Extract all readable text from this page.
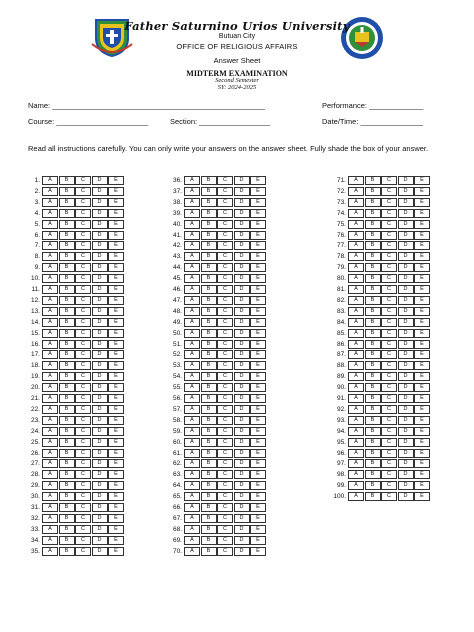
Father Saturnino Urios University
Butuan City
OFFICE OF RELIGIOUS AFFAIRS
Answer Sheet
MIDTERM EXAMINATION
Second Semester
SY: 2024-2025
Name: ___________________________________________________	Performance: _____________
Course: ______________________	Section: _________________	Date/Time: _______________
Read all instructions carefully. You can only write your answers on the answer sheet. Fully shade the box of your answer.
1.	A	B	C	D	E
2.	A	B	C	D	E
3.	A	B	C	D	E
4.	A	B	C	D	E
5.	A	B	C	D	E
6.	A	B	C	D	E
7.	A	B	C	D	E
8.	A	B	C	D	E
9.	A	B	C	D	E
10.	A	B	C	D	E
11.	A	B	C	D	E
12.	A	B	C	D	E
13.	A	B	C	D	E
14.	A	B	C	D	E
15.	A	B	C	D	E
16.	A	B	C	D	E
17.	A	B	C	D	E
18.	A	B	C	D	E
19.	A	B	C	D	E
20.	A	B	C	D	E
21.	A	B	C	D	E
22.	A	B	C	D	E
23.	A	B	C	D	E
24.	A	B	C	D	E
25.	A	B	C	D	E
26.	A	B	C	D	E
27.	A	B	C	D	E
28.	A	B	C	D	E
29.	A	B	C	D	E
30.	A	B	C	D	E
31.	A	B	C	D	E
32.	A	B	C	D	E
33.	A	B	C	D	E
34.	A	B	C	D	E
35.	A	B	C	D	E
36.	A	B	C	D	E
37.	A	B	C	D	E
38.	A	B	C	D	E
39.	A	B	C	D	E
40.	A	B	C	D	E
41.	A	B	C	D	E
42.	A	B	C	D	E
43.	A	B	C	D	E
44.	A	B	C	D	E
45.	A	B	C	D	E
46.	A	B	C	D	E
47.	A	B	C	D	E
48.	A	B	C	D	E
49.	A	B	C	D	E
50.	A	B	C	D	E
51.	A	B	C	D	E
52.	A	B	C	D	E
53.	A	B	C	D	E
54.	A	B	C	D	E
55.	A	B	C	D	E
56.	A	B	C	D	E
57.	A	B	C	D	E
58.	A	B	C	D	E
59.	A	B	C	D	E
60.	A	B	C	D	E
61.	A	B	C	D	E
62.	A	B	C	D	E
63.	A	B	C	D	E
64.	A	B	C	D	E
65.	A	B	C	D	E
66.	A	B	C	D	E
67.	A	B	C	D	E
68.	A	B	C	D	E
69.	A	B	C	D	E
70.	A	B	C	D	E
71.	A	B	C	D	E
72.	A	B	C	D	E
73.	A	B	C	D	E
74.	A	B	C	D	E
75.	A	B	C	D	E
76.	A	B	C	D	E
77.	A	B	C	D	E
78.	A	B	C	D	E
79.	A	B	C	D	E
80.	A	B	C	D	E
81.	A	B	C	D	E
82.	A	B	C	D	E
83.	A	B	C	D	E
84.	A	B	C	D	E
85.	A	B	C	D	E
86.	A	B	C	D	E
87.	A	B	C	D	E
88.	A	B	C	D	E
89.	A	B	C	D	E
90.	A	B	C	D	E
91.	A	B	C	D	E
92.	A	B	C	D	E
93.	A	B	C	D	E
94.	A	B	C	D	E
95.	A	B	C	D	E
96.	A	B	C	D	E
97.	A	B	C	D	E
98.	A	B	C	D	E
99.	A	B	C	D	E
100.	A	B	C	D	E
